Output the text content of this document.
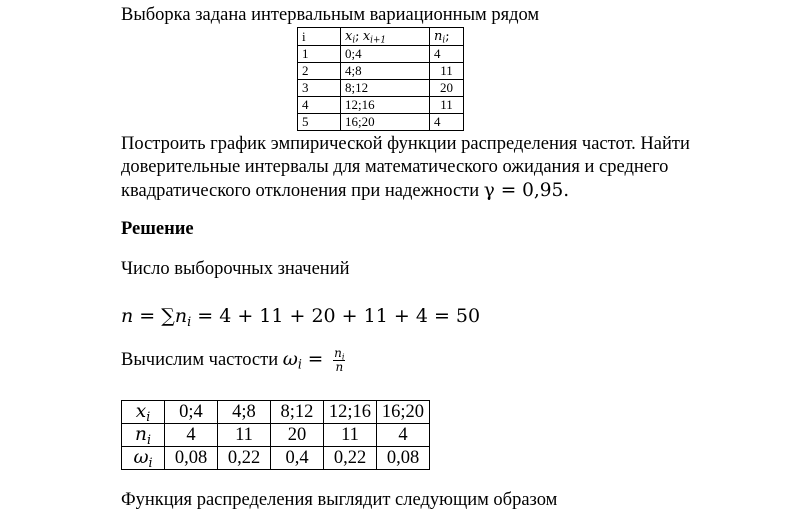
Выборка задана интервальным вариационным рядом
i	$x_i$; $x_{i+1}$	$n_i$;
1	0;4	4
2	4;8	11
3	8;12	20
4	12;16	11
5	16;20	4
Построить график эмпирической функции распределения частот. Найти
доверительные интервалы для математического ожидания и среднего
квадратического отклонения при надежности γ = 0,95.
Решение
Число выборочных значений
$n = \sum n_i = 4 + 11 + 20 + 11 + 4 = 50$
Вычислим частости $\omega_i = \frac{n_i}{n}$
$x_i$	0;4	4;8	8;12	12;16	16;20
$n_i$	4	11	20	11	4
$\omega_i$	0,08	0,22	0,4	0,22	0,08
Функция распределения выглядит следующим образом
